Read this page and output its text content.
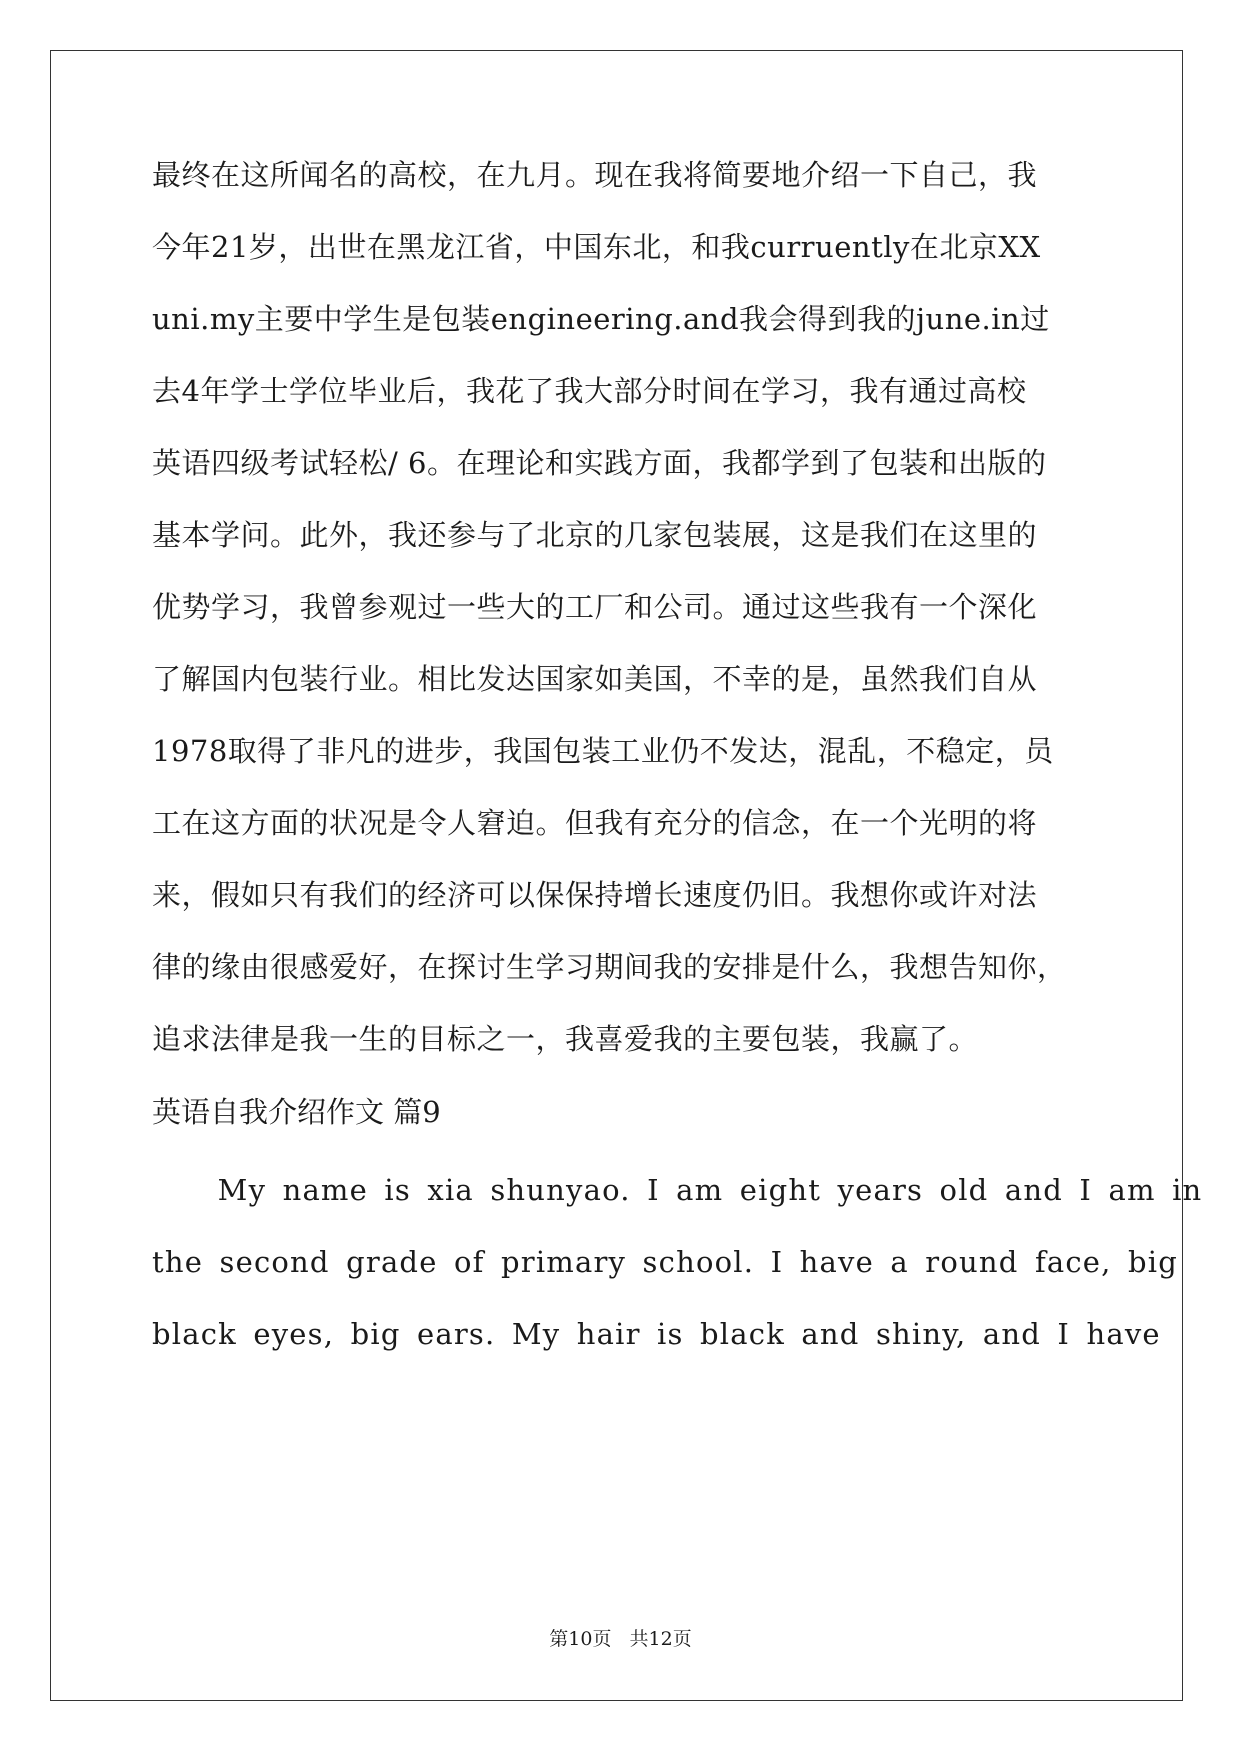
最终在这所闻名的高校，在九月。现在我将简要地介绍一下自己，我
今年21岁，出世在黑龙江省，中国东北，和我curruently在北京XX
uni.my主要中学生是包装engineering.and我会得到我的june.in过
去4年学士学位毕业后，我花了我大部分时间在学习，我有通过高校
英语四级考试轻松/ 6。在理论和实践方面，我都学到了包装和出版的
基本学问。此外，我还参与了北京的几家包装展，这是我们在这里的
优势学习，我曾参观过一些大的工厂和公司。通过这些我有一个深化
了解国内包装行业。相比发达国家如美国，不幸的是，虽然我们自从
1978取得了非凡的进步，我国包装工业仍不发达，混乱，不稳定，员
工在这方面的状况是令人窘迫。但我有充分的信念，在一个光明的将
来，假如只有我们的经济可以保保持增长速度仍旧。我想你或许对法
律的缘由很感爱好，在探讨生学习期间我的安排是什么，我想告知你，
追求法律是我一生的目标之一，我喜爱我的主要包装，我赢了。
英语自我介绍作文 篇9
My name is xia shunyao. I am eight years old and I am in
the second grade of primary school. I have a round face, big
black eyes, big ears. My hair is black and shiny, and I have
第10页 共12页
